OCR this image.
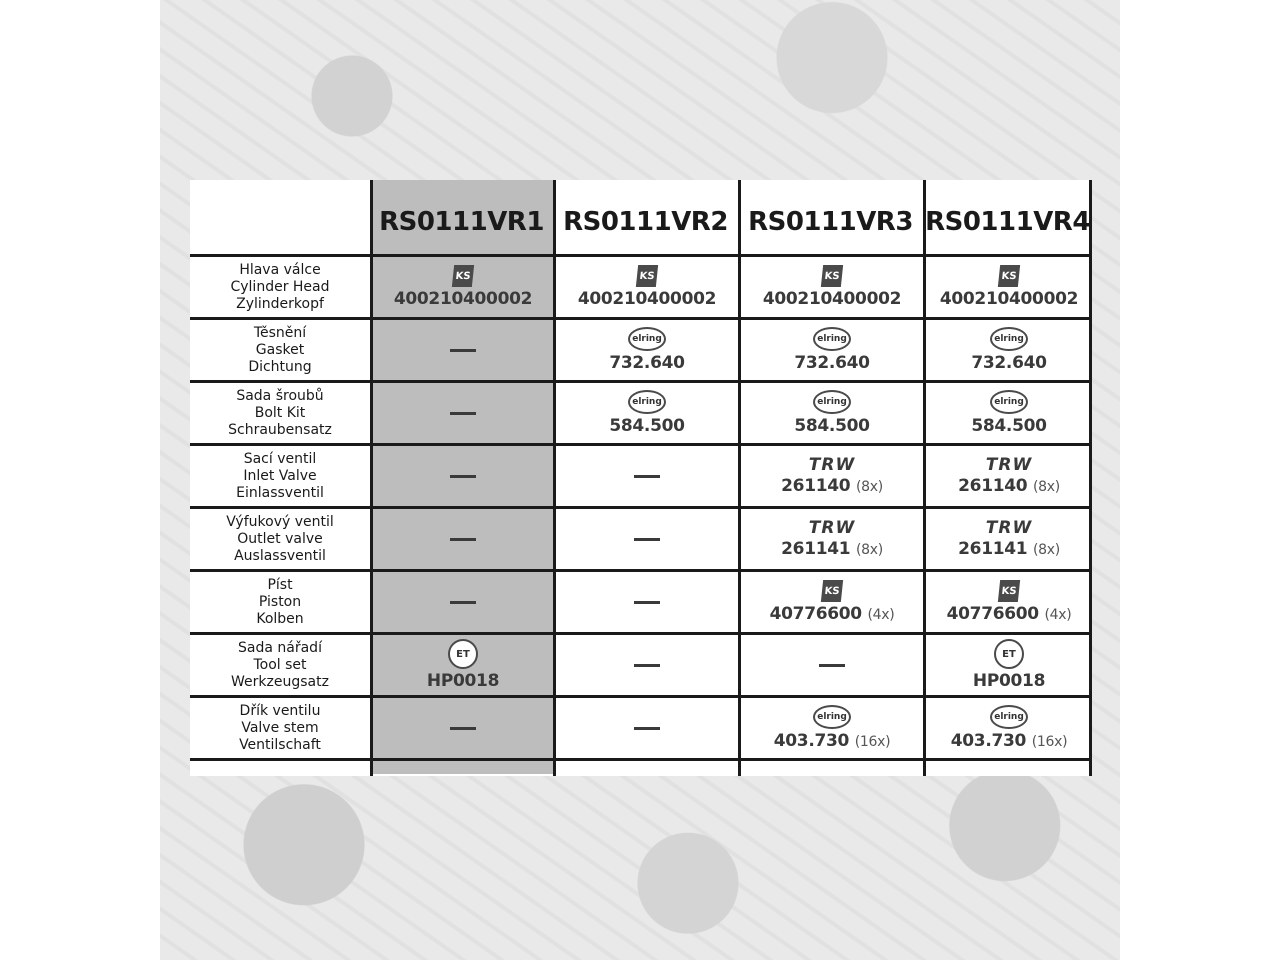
RS0111VR1 RS0111VR2 RS0111VR3 RS0111VR4
Hlava válce
Cylinder Head
Zylinderkopf
KS
400210400002
KS
400210400002
KS
400210400002
KS
400210400002
Těsnění
Gasket
Dichtung
elring
732.640
elring
732.640
elring
732.640
Sada šroubů
Bolt Kit
Schraubensatz
elring
584.500
elring
584.500
elring
584.500
Sací ventil
Inlet Valve
Einlassventil
TRW
261140 (8x)
TRW
261140 (8x)
Výfukový ventil
Outlet valve
Auslassventil
TRW
261141 (8x)
TRW
261141 (8x)
Píst
Piston
Kolben
KS
40776600 (4x)
KS
40776600 (4x)
Sada nářadí
Tool set
Werkzeugsatz
ET
HP0018
ET
HP0018
Dřík ventilu
Valve stem
Ventilschaft
elring
403.730 (16x)
elring
403.730 (16x)
